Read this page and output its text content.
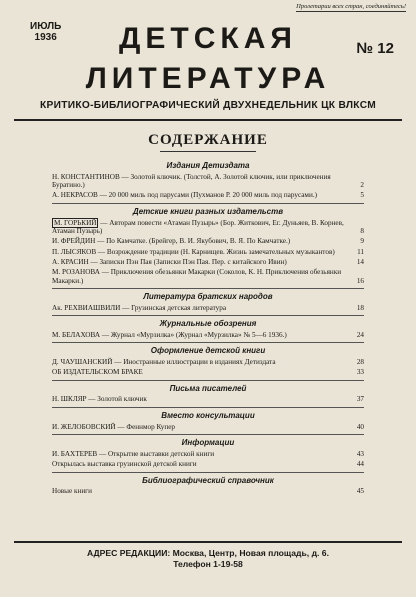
Пролетарии всех стран, соединяйтесь!
ИЮЛЬ
1936
№ 12
ДЕТСКАЯ
ЛИТЕРАТУРА
КРИТИКО-БИБЛИОГРАФИЧЕСКИЙ ДВУХНЕДЕЛЬНИК ЦК ВЛКСМ
СОДЕРЖАНИЕ
Издания Детиздата
Н. КОНСТАНТИНОВ — Золотой ключик. (Толстой, А. Золотой ключик, или приключения Буратино.)	2
А. НЕКРАСОВ — 20 000 миль под парусами (Пухманов Р. 20 000 миль под парусами.)	5
Детские книги разных издательств
М. ГОРЬКИЙ — Авторам повести «Атаман Пузырь» (Бор. Житкович, Ег. Дуньяев, В. Корнев, Атаман Пузырь)	8
И. ФРЕЙДИН — По Камчатке. (Брейгер, В. И. Якубович, В. Я. По Камчатке.)	9
П. ЛЫСЯКОВ — Возрождение традиции (Н. Карнищев. Жизнь замечательных музыкантов)	11
А. КРАСИН — Записки Пэн Пая (Записки Пэн Пая. Пер. с китайского Ивин)	14
М. РОЗАНОВА — Приключения обезьянки Макарки (Соколов, К. Н. Приключения обезьянки Макарки.)	16
Литература братских народов
Ак. РЕХВИАШВИЛИ — Грузинская детская литература	18
Журнальные обозрения
М. БЕЛАХОВА — Журнал «Мурзилка» (Журнал «Мурзилка» № 5—6 1936.)	24
Оформление детской книги
Д. ЧАУШАНСКИЙ — Иностранные иллюстрации в изданиях Детиздата	28
ОБ ИЗДАТЕЛЬСКОМ БРАКЕ	33
Письма писателей
Н. ШКЛЯР — Золотой ключик	37
Вместо консультации
И. ЖЕЛОБОВСКИЙ — Феннмор Купер	40
Информации
И. БАХТЕРЕВ — Открытие выставки детской книги	43
Открылась выставка грузинской детской книги	44
Библиографический справочник
Новые книги	45
АДРЕС РЕДАКЦИИ: Москва, Центр, Новая площадь, д. 6.
Телефон 1-19-58
